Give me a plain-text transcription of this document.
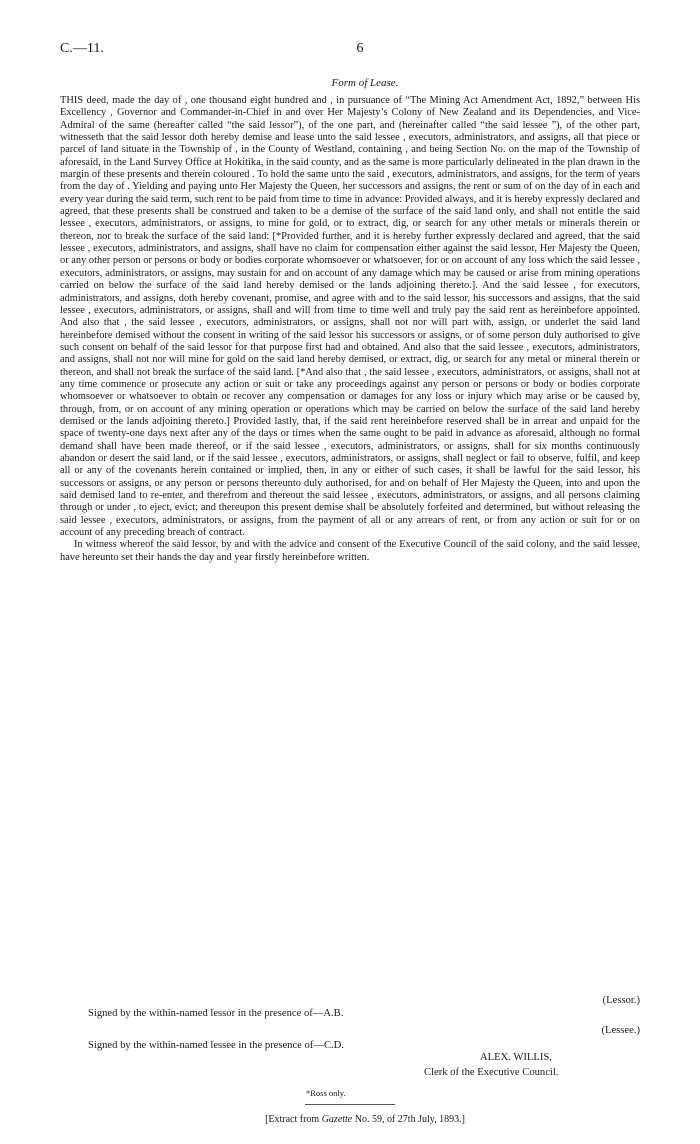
C.—11.	6
Form of Lease.

THIS deed, made the day of , one thousand eight hundred and , in pursuance of “The Mining Act Amendment Act, 1892,” between His Excellency , Governor and Commander-in-Chief in and over Her Majesty’s Colony of New Zealand and its Dependencies, and Vice-Admiral of the same (hereafter called “the said lessor”), of the one part, and (hereinafter called “the said lessee ”), of the other part, witnesseth that the said lessor doth hereby demise and lease unto the said lessee , executors, administrators, and assigns, all that piece or parcel of land situate in the Township of , in the County of Westland, containing , and being Section No. on the map of the Township of aforesaid, in the Land Survey Office at Hokitika, in the said county, and as the same is more particularly delineated in the plan drawn in the margin of these presents and therein coloured . To hold the same unto the said , executors, administrators, and assigns, for the term of years from the day of . Yielding and paying unto Her Majesty the Queen, her successors and assigns, the rent or sum of on the day of in each and every year during the said term, such rent to be paid from time to time in advance: Provided always, and it is hereby expressly declared and agreed, that these presents shall be construed and taken to be a demise of the surface of the said land only, and shall not entitle the said lessee , executors, administrators, or assigns, to mine for gold, or to extract, dig, or search for any other metals or minerals therein or thereon, nor to break the surface of the said land: [*Provided further, and it is hereby further expressly declared and agreed, that the said lessee , executors, administrators, and assigns, shall have no claim for compensation either against the said lessor, Her Majesty the Queen, or any other person or persons or body or bodies corporate whomsoever or whatsoever, for or on account of any loss which the said lessee , executors, administrators, or assigns, may sustain for and on account of any damage which may be caused or arise from mining operations carried on below the surface of the said land hereby demised or the lands adjoining thereto.]. And the said lessee , for executors, administrators, and assigns, doth hereby covenant, promise, and agree with and to the said lessor, his successors and assigns, that the said lessee , executors, administrators, or assigns, shall and will from time to time well and truly pay the said rent as hereinbefore appointed. And also that , the said lessee , executors, administrators, or assigns, shall not nor will part with, assign, or underlet the said land hereinbefore demised without the consent in writing of the said lessor his successors or assigns, or of some person duly authorised to give such consent on behalf of the said lessor for that purpose first had and obtained. And also that the said lessee , executors, administrators, and assigns, shall not nor will mine for gold on the said land hereby demised, or extract, dig, or search for any metal or mineral therein or thereon, and shall not break the surface of the said land. [*And also that , the said lessee , executors, administrators, or assigns, shall not at any time commence or prosecute any action or suit or take any proceedings against any person or persons or body or bodies corporate whomsoever or whatsoever to obtain or recover any compensation or damages for any loss or injury which may arise or be caused by, through, from, or on account of any mining operation or operations which may be carried on below the surface of the said land hereby demised or the lands adjoining thereto.] Provided lastly, that, if the said rent hereinbefore reserved shall be in arrear and unpaid for the space of twenty-one days next after any of the days or times when the same ought to be paid in advance as aforesaid, although no formal demand shall have been made thereof, or if the said lessee , executors, administrators, or assigns, shall for six months continuously abandon or desert the said land, or if the said lessee , executors, administrators, or assigns, shall neglect or fail to observe, fulfil, and keep all or any of the covenants herein contained or implied, then, in any or either of such cases, it shall be lawful for the said lessor, his successors or assigns, or any person or persons thereunto duly authorised, for and on behalf of Her Majesty the Queen, into and upon the said demised land to re-enter, and therefrom and thereout the said lessee , executors, administrators, or assigns, and all persons claiming through or under , to eject, evict; and thereupon this present demise shall be absolutely forfeited and determined, but without releasing the said lessee , executors, administrators, or assigns, from the payment of all or any arrears of rent, or from any action or suit for or on account of any preceding breach of contract.

In witness whereof the said lessor, by and with the advice and consent of the Executive Council of the said colony, and the said lessee, have hereunto set their hands the day and year firstly hereinbefore written.

(Lessor.)
Signed by the within-named lessor in the presence of—A.B.
(Lessee.)
Signed by the within-named lessee in the presence of—C.D.
ALEX. WILLIS,
Clerk of the Executive Council.
*Ross only.
[Extract from Gazette No. 59, of 27th July, 1893.]
